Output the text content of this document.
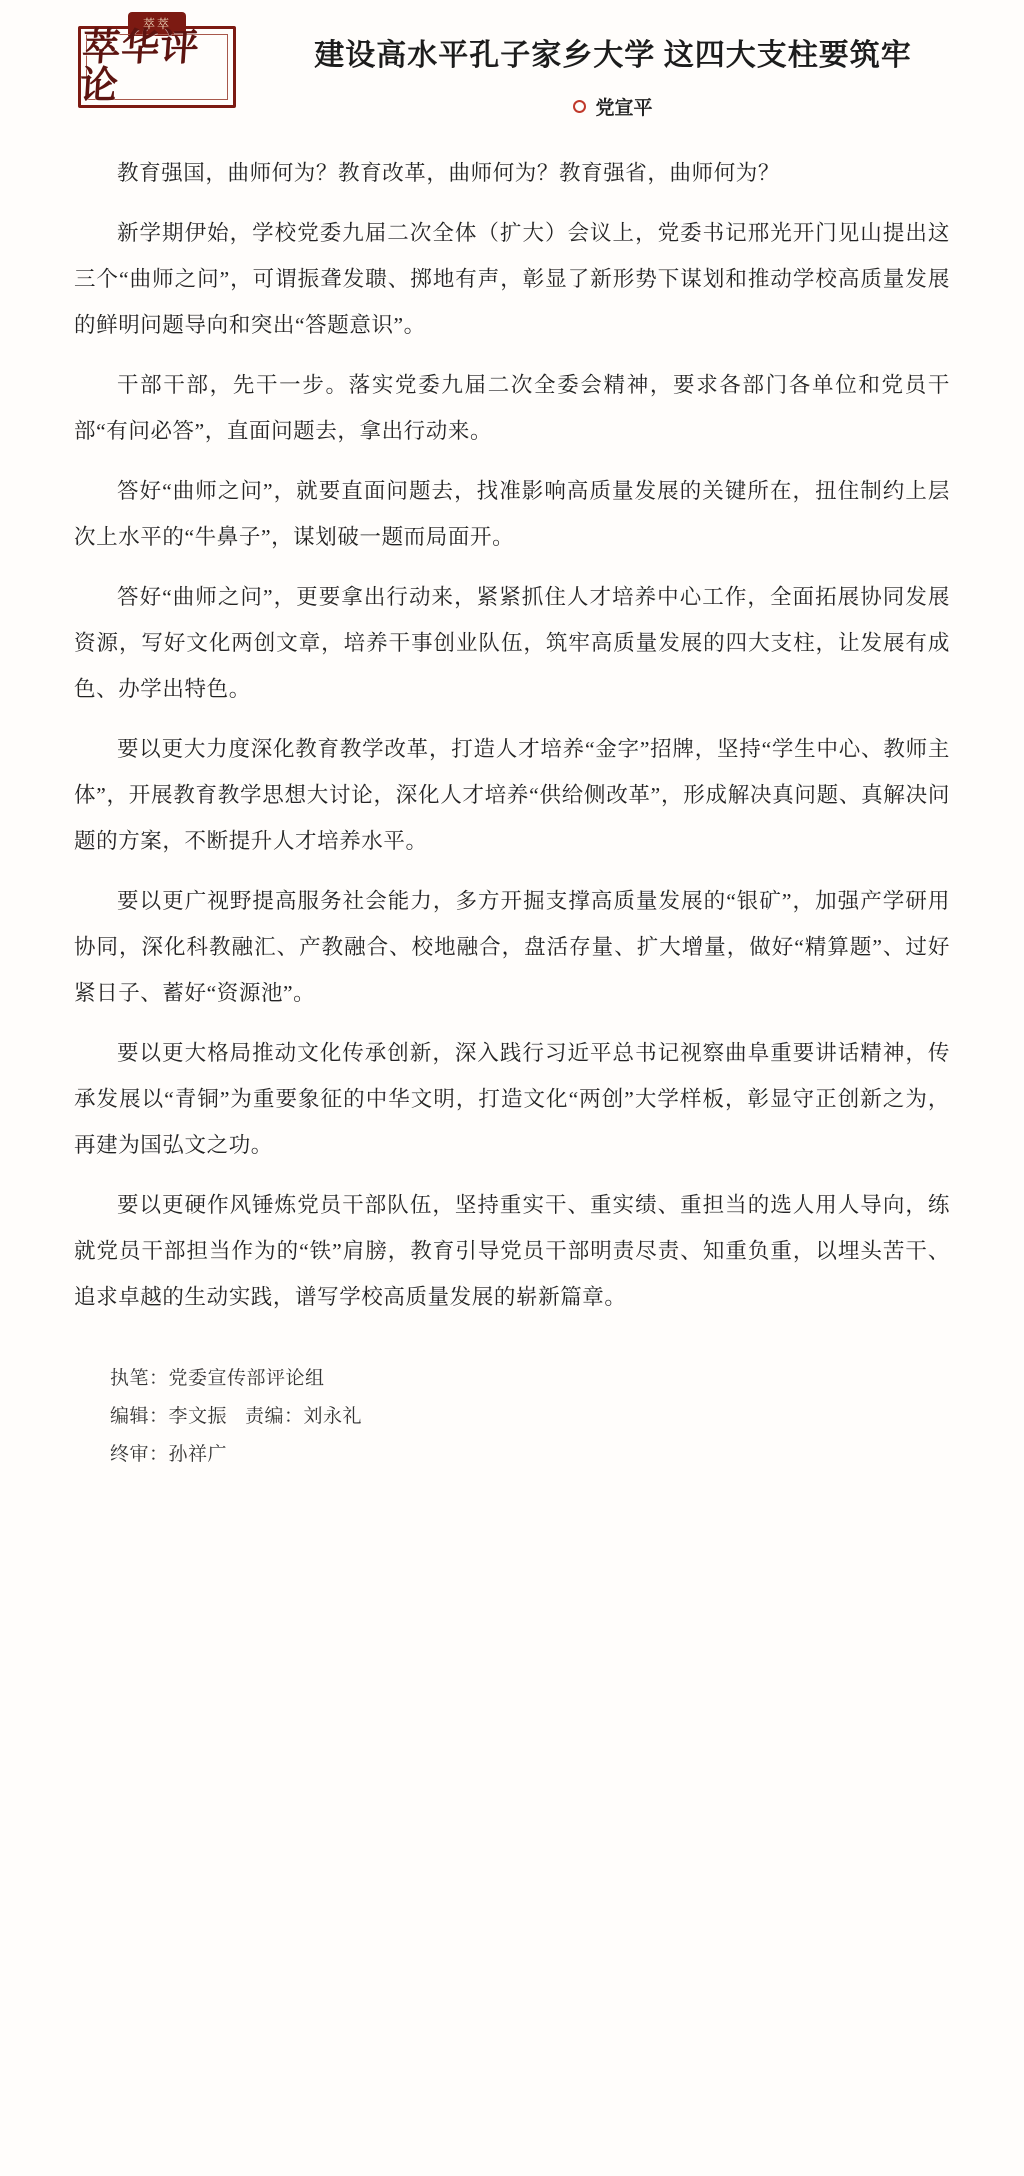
萃萃
萃华评论
建设高水平孔子家乡大学 这四大支柱要筑牢
党宣平

教育强国，曲师何为？教育改革，曲师何为？教育强省，曲师何为？

新学期伊始，学校党委九届二次全体（扩大）会议上，党委书记邢光开门见山提出这三个“曲师之问”，可谓振聋发聩、掷地有声，彰显了新形势下谋划和推动学校高质量发展的鲜明问题导向和突出“答题意识”。

干部干部，先干一步。落实党委九届二次全委会精神，要求各部门各单位和党员干部“有问必答”，直面问题去，拿出行动来。

答好“曲师之问”，就要直面问题去，找准影响高质量发展的关键所在，扭住制约上层次上水平的“牛鼻子”，谋划破一题而局面开。

答好“曲师之问”，更要拿出行动来，紧紧抓住人才培养中心工作，全面拓展协同发展资源，写好文化两创文章，培养干事创业队伍，筑牢高质量发展的四大支柱，让发展有成色、办学出特色。

要以更大力度深化教育教学改革，打造人才培养“金字”招牌，坚持“学生中心、教师主体”，开展教育教学思想大讨论，深化人才培养“供给侧改革”，形成解决真问题、真解决问题的方案，不断提升人才培养水平。

要以更广视野提高服务社会能力，多方开掘支撑高质量发展的“银矿”，加强产学研用协同，深化科教融汇、产教融合、校地融合，盘活存量、扩大增量，做好“精算题”、过好紧日子、蓄好“资源池”。

要以更大格局推动文化传承创新，深入践行习近平总书记视察曲阜重要讲话精神，传承发展以“青铜”为重要象征的中华文明，打造文化“两创”大学样板，彰显守正创新之为，再建为国弘文之功。

要以更硬作风锤炼党员干部队伍，坚持重实干、重实绩、重担当的选人用人导向，练就党员干部担当作为的“铁”肩膀，教育引导党员干部明责尽责、知重负重，以埋头苦干、追求卓越的生动实践，谱写学校高质量发展的崭新篇章。

执笔：党委宣传部评论组
编辑：李文振 责编：刘永礼
终审：孙祥广
